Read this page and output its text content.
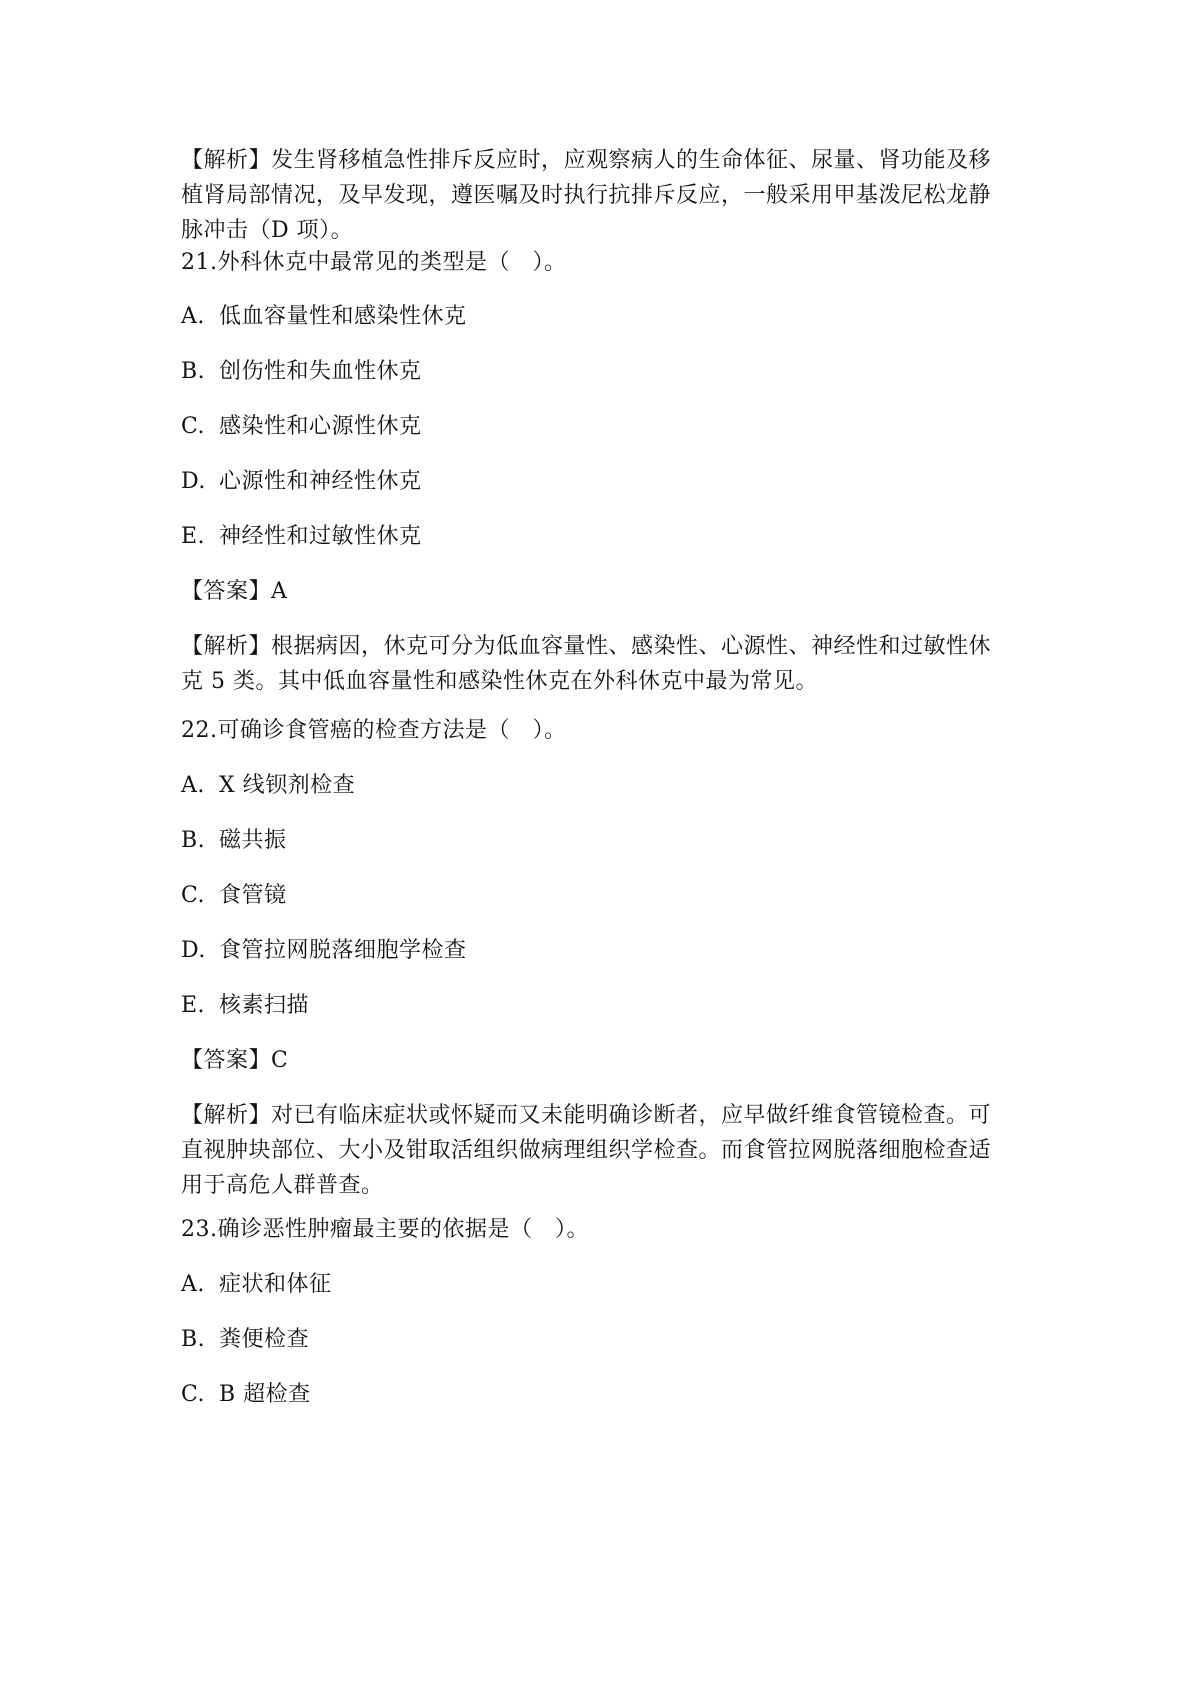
【解析】发生肾移植急性排斥反应时，应观察病人的生命体征、尿量、肾功能及移植肾局部情况，及早发现，遵医嘱及时执行抗排斥反应，一般采用甲基泼尼松龙静脉冲击（D 项）。
21.外科休克中最常见的类型是（　）。
A. 低血容量性和感染性休克
B. 创伤性和失血性休克
C. 感染性和心源性休克
D. 心源性和神经性休克
E. 神经性和过敏性休克
【答案】A
【解析】根据病因，休克可分为低血容量性、感染性、心源性、神经性和过敏性休克 5 类。其中低血容量性和感染性休克在外科休克中最为常见。
22.可确诊食管癌的检查方法是（　）。
A. X 线钡剂检查
B. 磁共振
C. 食管镜
D. 食管拉网脱落细胞学检查
E. 核素扫描
【答案】C
【解析】对已有临床症状或怀疑而又未能明确诊断者，应早做纤维食管镜检查。可直视肿块部位、大小及钳取活组织做病理组织学检查。而食管拉网脱落细胞检查适用于高危人群普查。
23.确诊恶性肿瘤最主要的依据是（　）。
A. 症状和体征
B. 粪便检查
C. B 超检查
